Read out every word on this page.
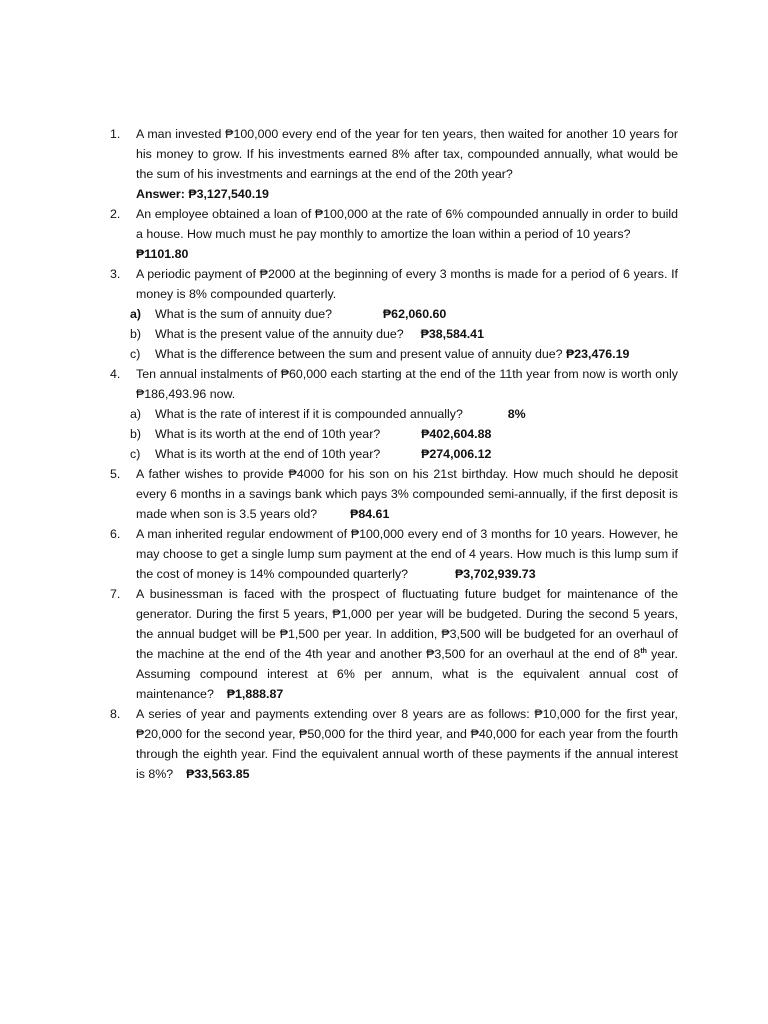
1.	A man invested ₱100,000 every end of the year for ten years, then waited for another 10 years for his money to grow. If his investments earned 8% after tax, compounded annually, what would be the sum of his investments and earnings at the end of the 20th year?
Answer: ₱3,127,540.19
2.	An employee obtained a loan of ₱100,000 at the rate of 6% compounded annually in order to build a house. How much must he pay monthly to amortize the loan within a period of 10 years?
₱1101.80
3.	A periodic payment of ₱2000 at the beginning of every 3 months is made for a period of 6 years. If money is 8% compounded quarterly.
a) What is the sum of annuity due?	₱62,060.60
b) What is the present value of the annuity due? ₱38,584.41
c) What is the difference between the sum and present value of annuity due? ₱23,476.19
4.	Ten annual instalments of ₱60,000 each starting at the end of the 11th year from now is worth only ₱186,493.96 now.
a) What is the rate of interest if it is compounded annually?	8%
b) What is its worth at the end of 10th year?	₱402,604.88
c) What is its worth at the end of 10th year?	₱274,006.12
5.	A father wishes to provide ₱4000 for his son on his 21st birthday. How much should he deposit every 6 months in a savings bank which pays 3% compounded semi-annually, if the first deposit is made when son is 3.5 years old?	₱84.61
6.	A man inherited regular endowment of ₱100,000 every end of 3 months for 10 years. However, he may choose to get a single lump sum payment at the end of 4 years. How much is this lump sum if the cost of money is 14% compounded quarterly?	₱3,702,939.73
7.	A businessman is faced with the prospect of fluctuating future budget for maintenance of the generator. During the first 5 years, ₱1,000 per year will be budgeted. During the second 5 years, the annual budget will be ₱1,500 per year. In addition, ₱3,500 will be budgeted for an overhaul of the machine at the end of the 4th year and another ₱3,500 for an overhaul at the end of 8th year. Assuming compound interest at 6% per annum, what is the equivalent annual cost of maintenance? ₱1,888.87
8.	A series of year and payments extending over 8 years are as follows: ₱10,000 for the first year, ₱20,000 for the second year, ₱50,000 for the third year, and ₱40,000 for each year from the fourth through the eighth year. Find the equivalent annual worth of these payments if the annual interest is 8%? ₱33,563.85
